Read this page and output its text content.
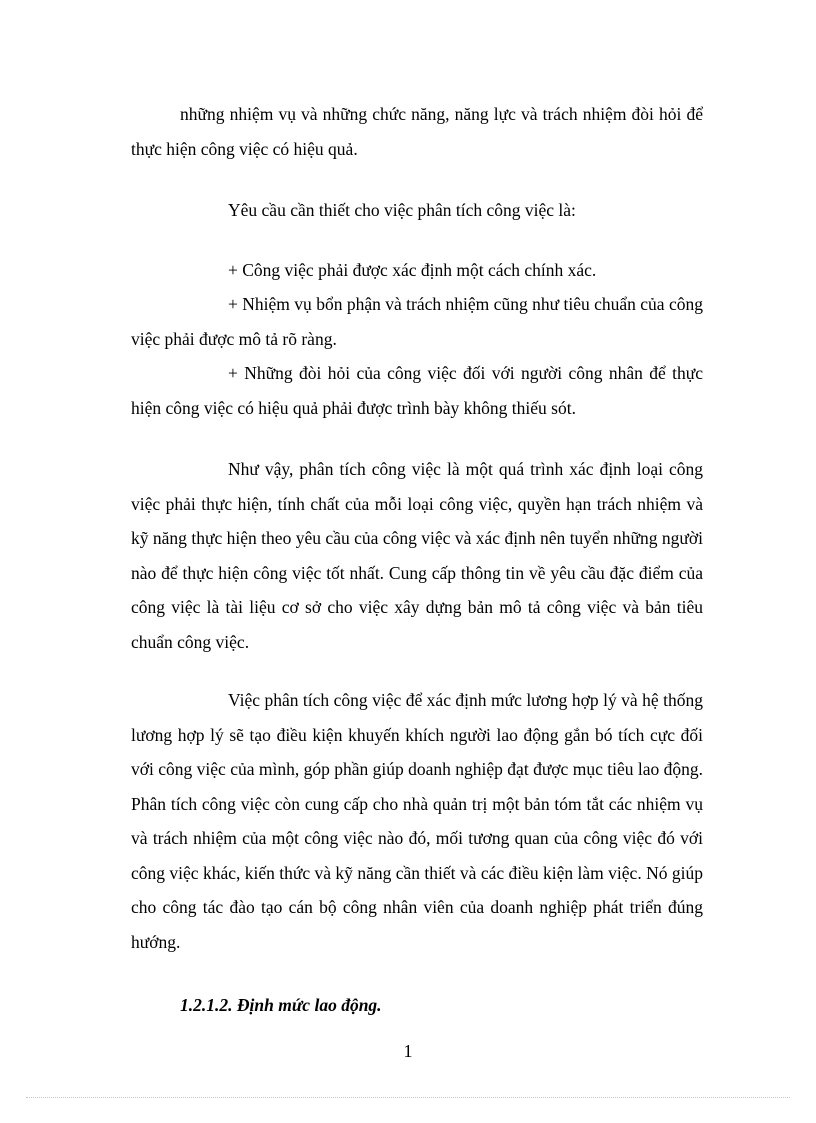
những nhiệm vụ và những chức năng, năng lực và trách nhiệm đòi hỏi để thực hiện công việc có hiệu quả.

Yêu cầu cần thiết cho việc phân tích công việc là:

+ Công việc phải được xác định một cách chính xác.

+ Nhiệm vụ bổn phận và trách nhiệm cũng như tiêu chuẩn của công việc phải được mô tả rõ ràng.

+ Những đòi hỏi của công việc đối với người công nhân để thực hiện công việc có hiệu quả phải được trình bày không thiếu sót.

Như vậy, phân tích công việc là một quá trình xác định loại công việc phải thực hiện, tính chất của mỗi loại công việc, quyền hạn trách nhiệm và kỹ năng thực hiện theo yêu cầu của công việc và xác định nên tuyển những người nào để thực hiện công việc tốt nhất. Cung cấp thông tin về yêu cầu đặc điểm của công việc là tài liệu cơ sở cho việc xây dựng bản mô tả công việc và bản tiêu chuẩn công việc.

Việc phân tích công việc để xác định mức lương hợp lý và hệ thống lương hợp lý sẽ tạo điều kiện khuyến khích người lao động gắn bó tích cực đối với công việc của mình, góp phần giúp doanh nghiệp đạt được mục tiêu lao động. Phân tích công việc còn cung cấp cho nhà quản trị một bản tóm tắt các nhiệm vụ và trách nhiệm của một công việc nào đó, mối tương quan của công việc đó với công việc khác, kiến thức và kỹ năng cần thiết và các điều kiện làm việc. Nó giúp cho công tác đào tạo cán bộ công nhân viên của doanh nghiệp phát triển đúng hướng.

1.2.1.2. Định mức lao động.

1
